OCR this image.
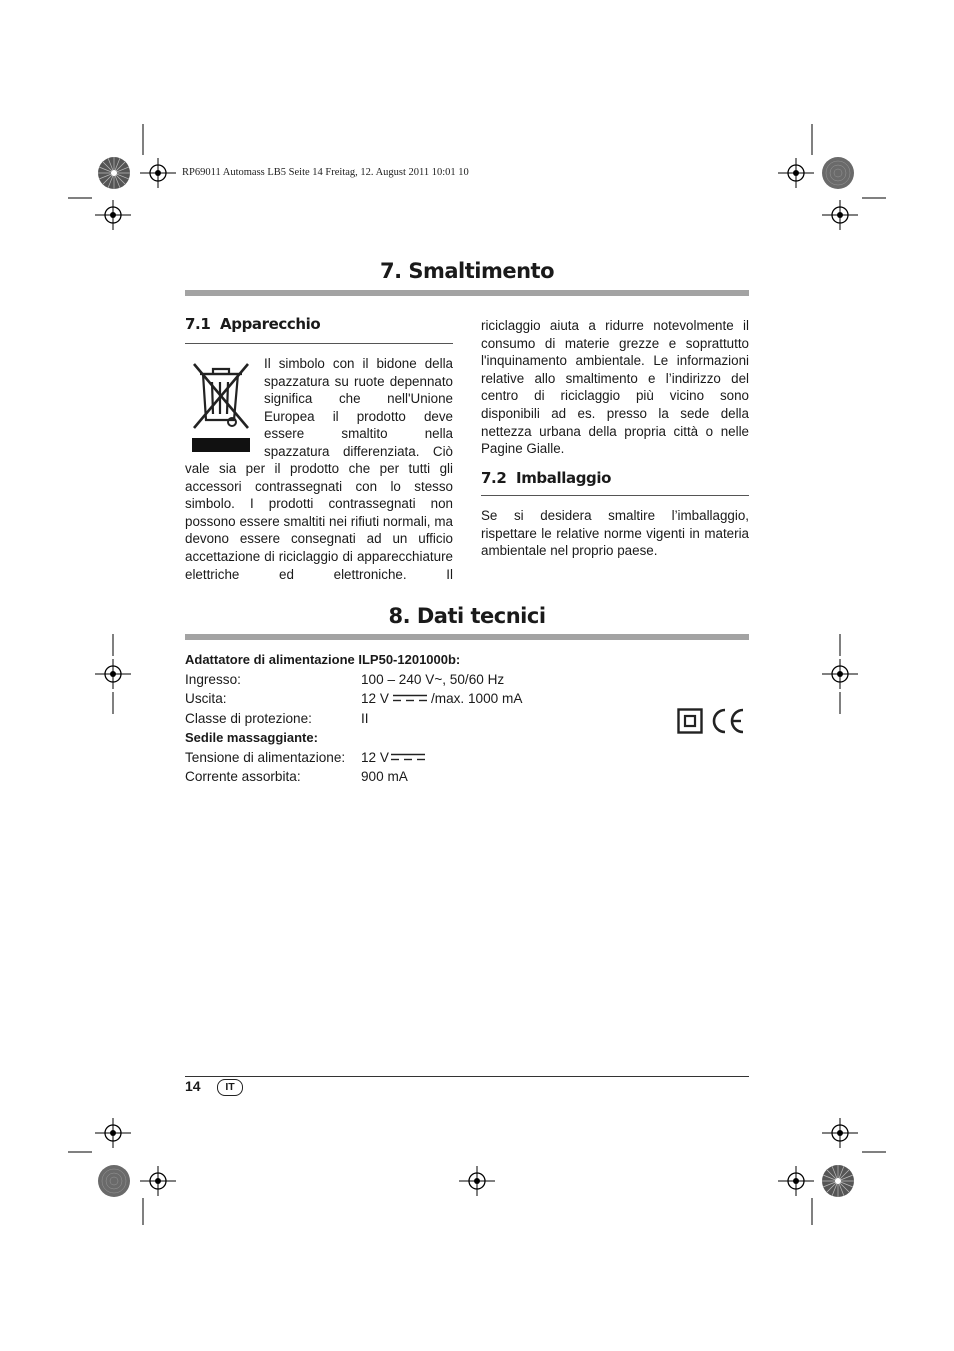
RP69011 Automass LB5 Seite 14 Freitag, 12. August 2011 10:01 10
7. Smaltimento
7.1  Apparecchio
Il simbolo con il bidone della
spazzatura su ruote depennato
significa che nell'Unione
Europea il prodotto deve
essere smaltito nella
spazzatura differenziata. Ciò
vale sia per il prodotto che per tutti gli accessori contrassegnati con lo stesso simbolo. I prodotti contrassegnati non possono essere smaltiti nei rifiuti normali, ma devono essere consegnati ad un ufficio accettazione di riciclaggio di apparecchiature elettriche ed elettroniche. Il
riciclaggio aiuta a ridurre notevolmente il consumo di materie grezze e soprattutto l'inquinamento ambientale. Le informazioni relative allo smaltimento e l’indirizzo del centro di riciclaggio più vicino sono disponibili ad es. presso la sede della nettezza urbana della propria città o nelle Pagine Gialle.
7.2  Imballaggio
Se si desidera smaltire l’imballaggio, rispettare le relative norme vigenti in materia ambientale nel proprio paese.
8. Dati tecnici
Adattatore di alimentazione ILP50-1201000b:
Ingresso:	100 – 240 V~, 50/60 Hz
Uscita:	12 V	/max. 1000 mA
Classe di protezione:	II
Sedile massaggiante:
Tensione di alimentazione: 12 V
Corrente assorbita:	900 mA
14	IT
